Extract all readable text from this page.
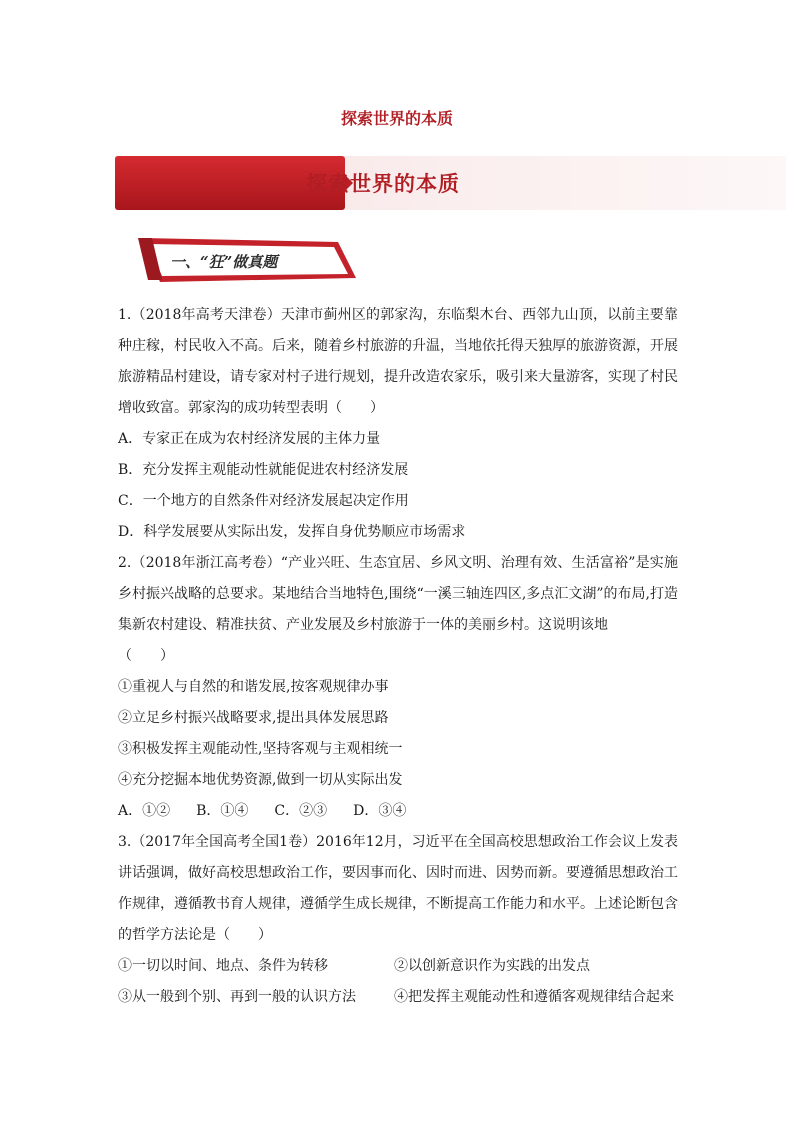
探索世界的本质
探索世界的本质
一、“狂”做真题
1.（2018年高考天津卷）天津市蓟州区的郭家沟，东临梨木台、西邻九山顶，以前主要靠种庄稼，村民收入不高。后来，随着乡村旅游的升温，当地依托得天独厚的旅游资源，开展旅游精品村建设，请专家对村子进行规划，提升改造农家乐，吸引来大量游客，实现了村民增收致富。郭家沟的成功转型表明（　　）
A．专家正在成为农村经济发展的主体力量
B．充分发挥主观能动性就能促进农村经济发展
C．一个地方的自然条件对经济发展起决定作用
D．科学发展要从实际出发，发挥自身优势顺应市场需求
2.（2018年浙江高考卷）“产业兴旺、生态宜居、乡风文明、治理有效、生活富裕”是实施乡村振兴战略的总要求。某地结合当地特色,围绕“一溪三轴连四区,多点汇文湖”的布局,打造集新农村建设、精准扶贫、产业发展及乡村旅游于一体的美丽乡村。这说明该地
（　　）
①重视人与自然的和谐发展,按客观规律办事
②立足乡村振兴战略要求,提出具体发展思路
③积极发挥主观能动性,坚持客观与主观相统一
④充分挖掘本地优势资源,做到一切从实际出发
A．①② B．①④ C．②③ D．③④
3.（2017年全国高考全国1卷）2016年12月，习近平在全国高校思想政治工作会议上发表讲话强调，做好高校思想政治工作，要因事而化、因时而进、因势而新。要遵循思想政治工作规律，遵循教书育人规律，遵循学生成长规律，不断提高工作能力和水平。上述论断包含的哲学方法论是（　　）
①一切以时间、地点、条件为转移	②以创新意识作为实践的出发点
③从一般到个别、再到一般的认识方法	④把发挥主观能动性和遵循客观规律结合起来
